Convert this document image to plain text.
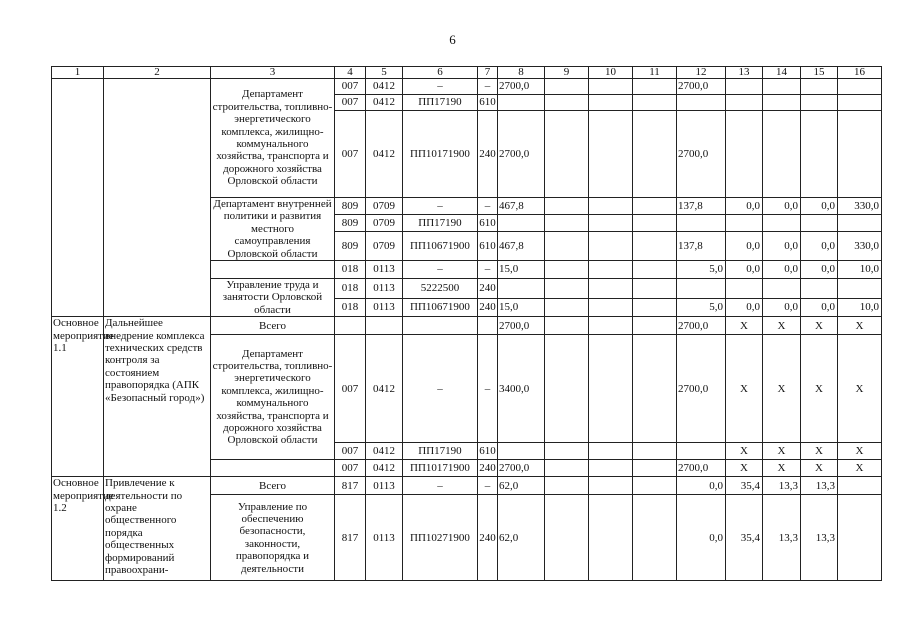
6
1	2	3	4	5	6	7	8	9	10	11	12	13	14	15	16
		Департамент строительства, топливно-энергетического комплекса, жилищно-коммунального хозяйства, транспорта и дорожного хозяйства Орловской области	007	0412	–	–	2700,0				2700,0				
			007	0412	ПП17190	610									
			007	0412	ПП10171900	240	2700,0				2700,0				
		Департамент внутренней политики и развития местного самоуправления Орловской области	809	0709	–	–	467,8				137,8	0,0	0,0	0,0	330,0
			809	0709	ПП17190	610									
			809	0709	ПП10671900	610	467,8				137,8	0,0	0,0	0,0	330,0
			018	0113	–	–	15,0				5,0	0,0	0,0	0,0	10,0
		Управление труда и занятости Орловской области	018	0113	5222500	240									
			018	0113	ПП10671900	240	15,0				5,0	0,0	0,0	0,0	10,0
Основное мероприятие 1.1	Дальнейшее внедрение комплекса технических средств контроля за состоянием правопорядка (АПК «Безопасный город»)	Всего					2700,0				2700,0	X	X	X	X
		Департамент строительства, топливно-энергетического комплекса, жилищно-коммунального хозяйства, транспорта и дорожного хозяйства Орловской области	007	0412	–	–	3400,0				2700,0	X	X	X	X
			007	0412	ПП17190	610						X	X	X	X
			007	0412	ПП10171900	240	2700,0				2700,0	X	X	X	X
Основное мероприятие 1.2	Привлечение к деятельности по охране общественного порядка общественных формирований правоохрани-	Всего	817	0113	–	–	62,0				0,0	35,4	13,3	13,3	
		Управление по обеспечению безопасности, законности, правопорядка и деятельности	817	0113	ПП10271900	240	62,0				0,0	35,4	13,3	13,3	
